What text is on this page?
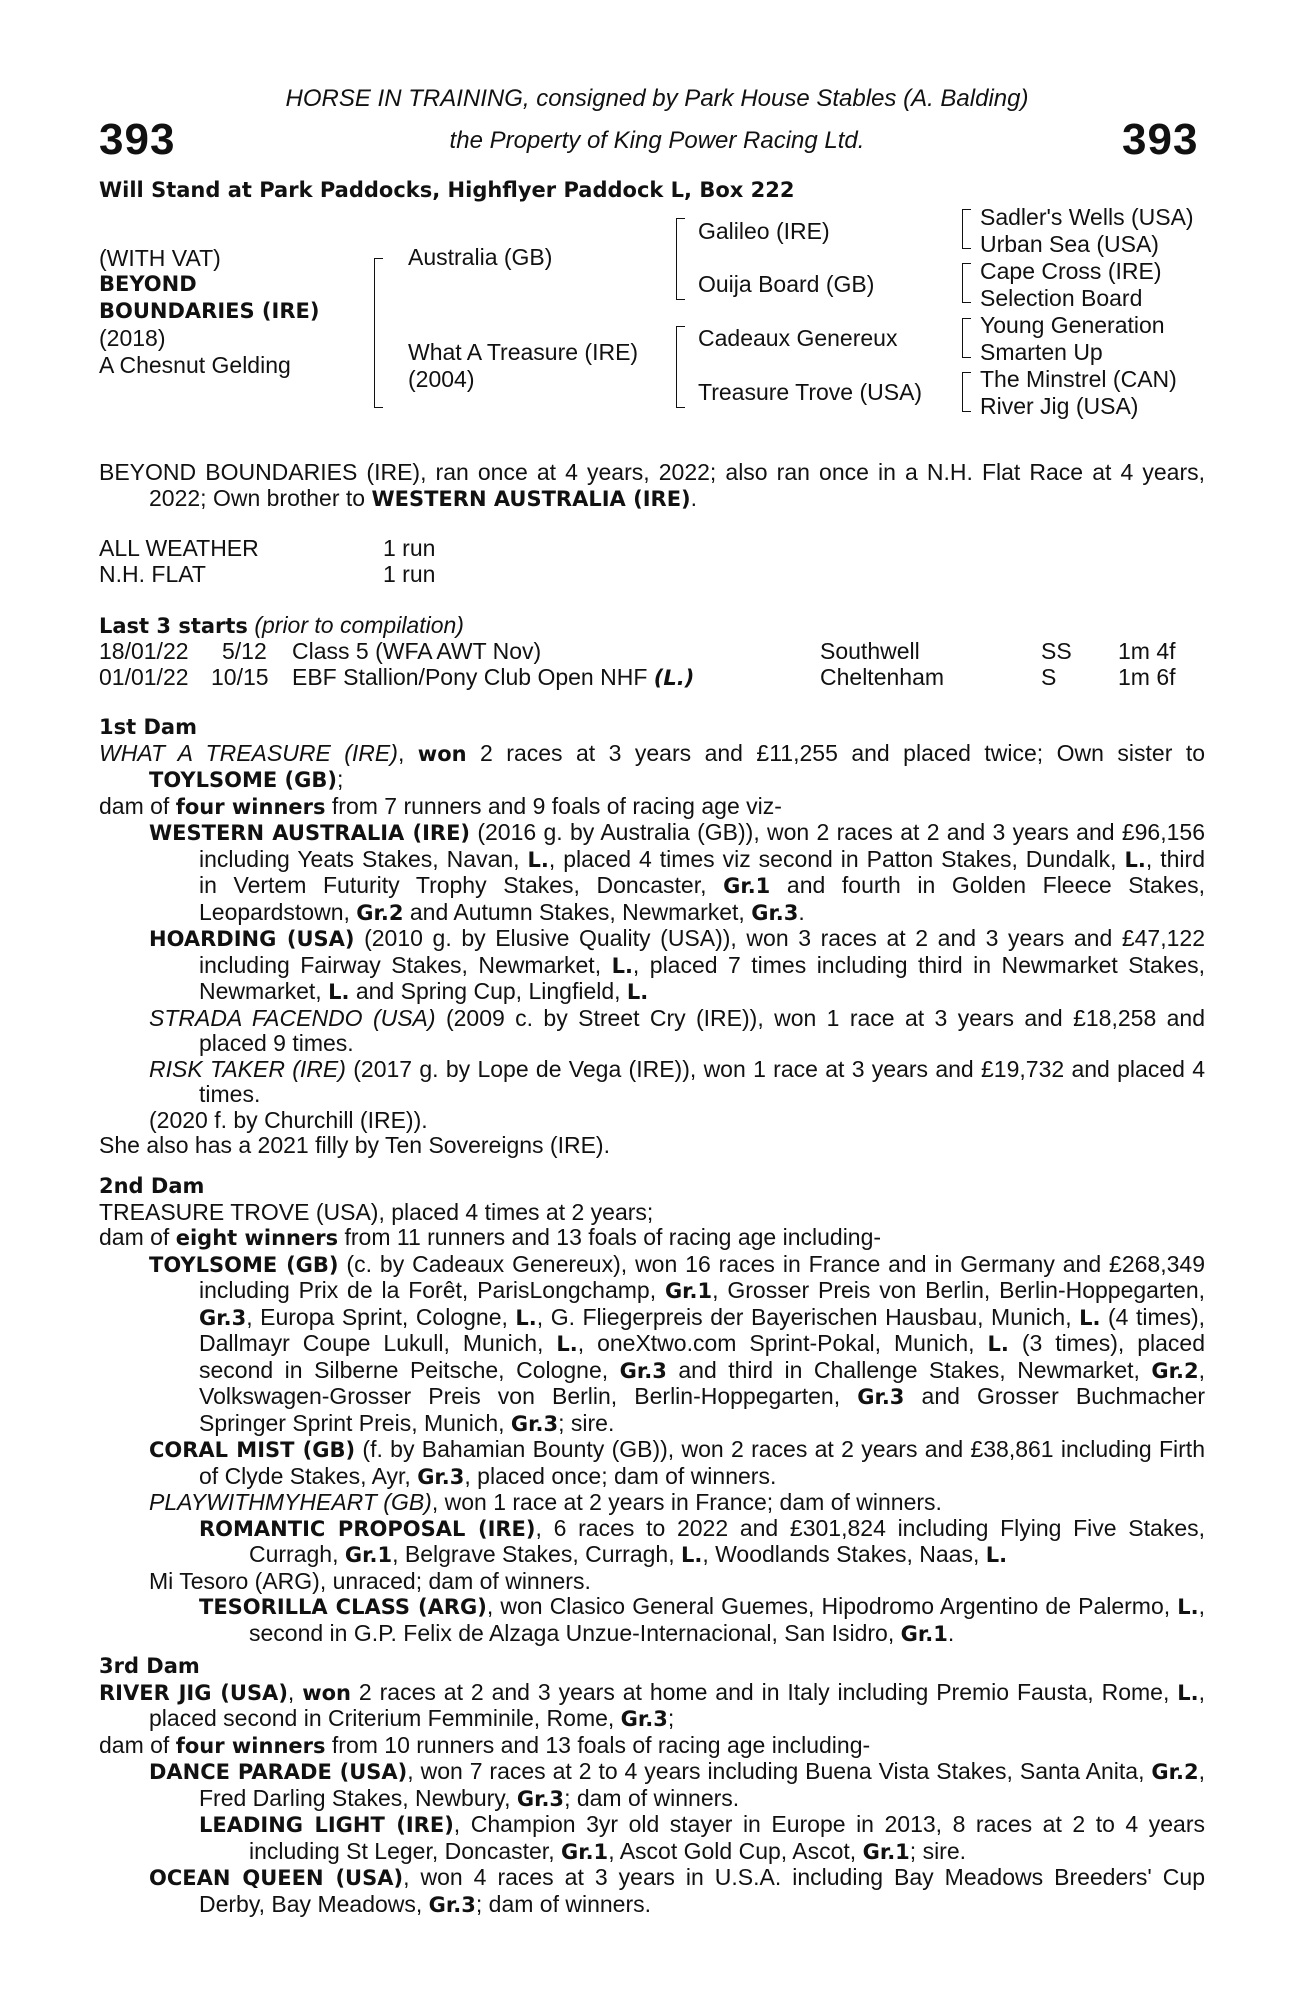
393	393
HORSE IN TRAINING, consigned by Park House Stables (A. Balding)
the Property of King Power Racing Ltd.
Will Stand at Park Paddocks, Highflyer Paddock L, Box 222
(WITH VAT)
BEYOND
BOUNDARIES (IRE)
(2018)
A Chesnut Gelding
Australia (GB)
What A Treasure (IRE)
(2004)
Galileo (IRE)
Ouija Board (GB)
Cadeaux Genereux
Treasure Trove (USA)
Sadler's Wells (USA)
Urban Sea (USA)
Cape Cross (IRE)
Selection Board
Young Generation
Smarten Up
The Minstrel (CAN)
River Jig (USA)

BEYOND BOUNDARIES (IRE), ran once at 4 years, 2022; also ran once in a N.H. Flat Race at 4 years, 2022; Own brother to WESTERN AUSTRALIA (IRE).

ALL WEATHER	1 run
N.H. FLAT	1 run
Last 3 starts (prior to compilation)
18/01/22 5/12 Class 5 (WFA AWT Nov)	Southwell	SS 1m 4f
01/01/22 10/15 EBF Stallion/Pony Club Open NHF (L.)	Cheltenham	S	1m 6f

1st Dam

WHAT A TREASURE (IRE), won 2 races at 3 years and £11,255 and placed twice; Own sister to TOYLSOME (GB);

dam of four winners from 7 runners and 9 foals of racing age viz-

WESTERN AUSTRALIA (IRE) (2016 g. by Australia (GB)), won 2 races at 2 and 3 years and £96,156 including Yeats Stakes, Navan, L., placed 4 times viz second in Patton Stakes, Dundalk, L., third in Vertem Futurity Trophy Stakes, Doncaster, Gr.1 and fourth in Golden Fleece Stakes, Leopardstown, Gr.2 and Autumn Stakes, Newmarket, Gr.3.

HOARDING (USA) (2010 g. by Elusive Quality (USA)), won 3 races at 2 and 3 years and £47,122 including Fairway Stakes, Newmarket, L., placed 7 times including third in Newmarket Stakes, Newmarket, L. and Spring Cup, Lingfield, L.

STRADA FACENDO (USA) (2009 c. by Street Cry (IRE)), won 1 race at 3 years and £18,258 and placed 9 times.

RISK TAKER (IRE) (2017 g. by Lope de Vega (IRE)), won 1 race at 3 years and £19,732 and placed 4 times.

(2020 f. by Churchill (IRE)).

She also has a 2021 filly by Ten Sovereigns (IRE).

2nd Dam

TREASURE TROVE (USA), placed 4 times at 2 years;

dam of eight winners from 11 runners and 13 foals of racing age including-

TOYLSOME (GB) (c. by Cadeaux Genereux), won 16 races in France and in Germany and £268,349 including Prix de la Forêt, ParisLongchamp, Gr.1, Grosser Preis von Berlin, Berlin-Hoppegarten, Gr.3, Europa Sprint, Cologne, L., G. Fliegerpreis der Bayerischen Hausbau, Munich, L. (4 times), Dallmayr Coupe Lukull, Munich, L., oneXtwo.com Sprint-Pokal, Munich, L. (3 times), placed second in Silberne Peitsche, Cologne, Gr.3 and third in Challenge Stakes, Newmarket, Gr.2, Volkswagen-Grosser Preis von Berlin, Berlin-Hoppegarten, Gr.3 and Grosser Buchmacher Springer Sprint Preis, Munich, Gr.3; sire.

CORAL MIST (GB) (f. by Bahamian Bounty (GB)), won 2 races at 2 years and £38,861 including Firth of Clyde Stakes, Ayr, Gr.3, placed once; dam of winners.

PLAYWITHMYHEART (GB), won 1 race at 2 years in France; dam of winners.

ROMANTIC PROPOSAL (IRE), 6 races to 2022 and £301,824 including Flying Five Stakes, Curragh, Gr.1, Belgrave Stakes, Curragh, L., Woodlands Stakes, Naas, L.

Mi Tesoro (ARG), unraced; dam of winners.

TESORILLA CLASS (ARG), won Clasico General Guemes, Hipodromo Argentino de Palermo, L., second in G.P. Felix de Alzaga Unzue-Internacional, San Isidro, Gr.1.

3rd Dam

RIVER JIG (USA), won 2 races at 2 and 3 years at home and in Italy including Premio Fausta, Rome, L., placed second in Criterium Femminile, Rome, Gr.3;

dam of four winners from 10 runners and 13 foals of racing age including-

DANCE PARADE (USA), won 7 races at 2 to 4 years including Buena Vista Stakes, Santa Anita, Gr.2, Fred Darling Stakes, Newbury, Gr.3; dam of winners.

LEADING LIGHT (IRE), Champion 3yr old stayer in Europe in 2013, 8 races at 2 to 4 years including St Leger, Doncaster, Gr.1, Ascot Gold Cup, Ascot, Gr.1; sire.

OCEAN QUEEN (USA), won 4 races at 3 years in U.S.A. including Bay Meadows Breeders' Cup Derby, Bay Meadows, Gr.3; dam of winners.
